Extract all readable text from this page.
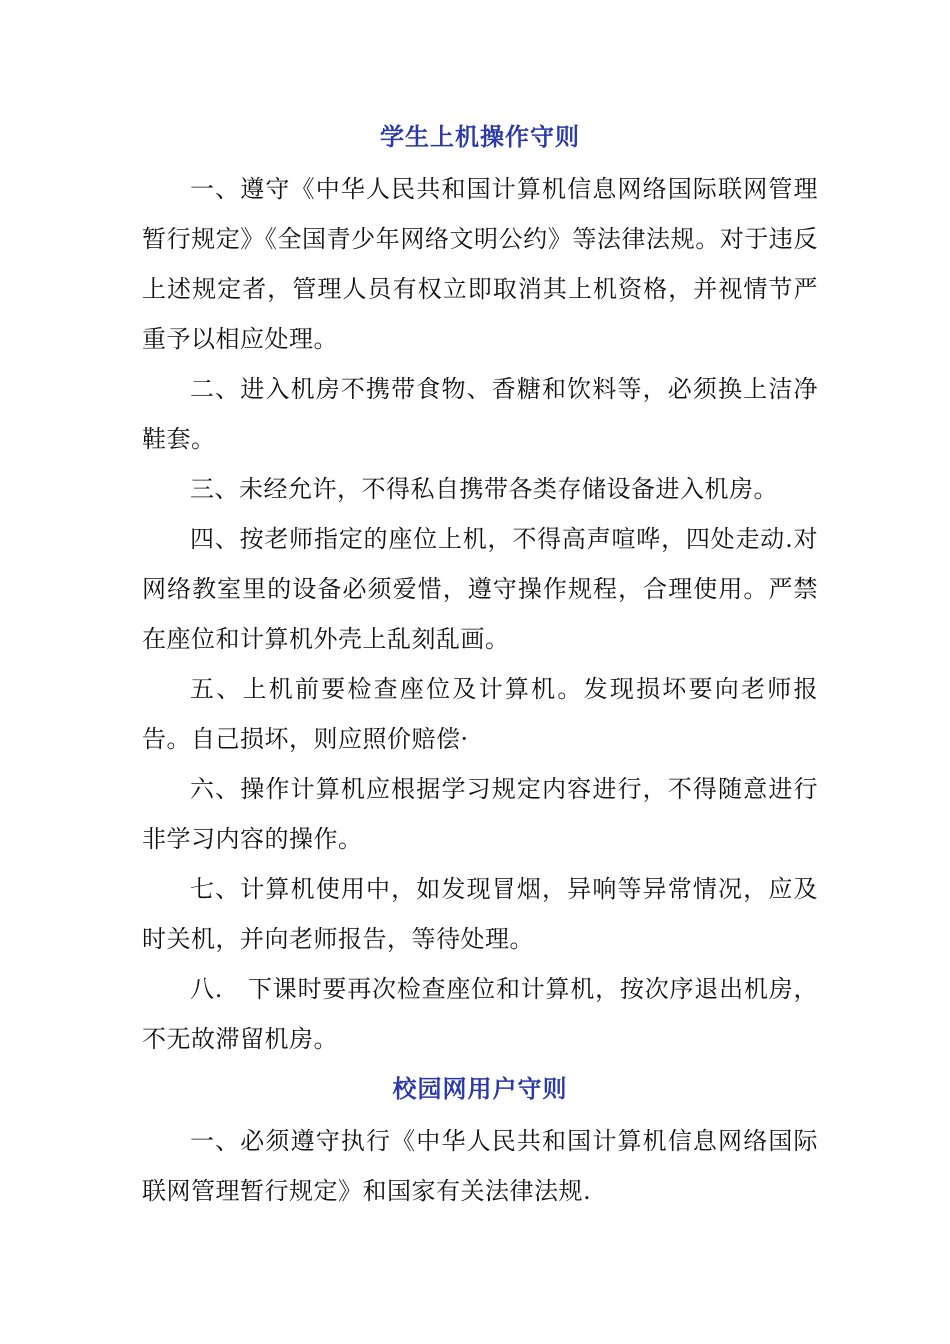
学生上机操作守则

一、遵守《中华人民共和国计算机信息网络国际联网管理暂行规定》《全国青少年网络文明公约》等法律法规。对于违反上述规定者，管理人员有权立即取消其上机资格，并视情节严重予以相应处理。

二、进入机房不携带食物、香糖和饮料等，必须换上洁净鞋套。

三、未经允许，不得私自携带各类存储设备进入机房。

四、按老师指定的座位上机，不得高声喧哗，四处走动.对网络教室里的设备必须爱惜，遵守操作规程，合理使用。严禁在座位和计算机外壳上乱刻乱画。

五、上机前要检查座位及计算机。发现损坏要向老师报告。自己损坏，则应照价赔偿·

六、操作计算机应根据学习规定内容进行，不得随意进行非学习内容的操作。

七、计算机使用中，如发现冒烟，异响等异常情况，应及时关机，并向老师报告，等待处理。

八.　下课时要再次检查座位和计算机，按次序退出机房，不无故滞留机房。

校园网用户守则

一、必须遵守执行《中华人民共和国计算机信息网络国际联网管理暂行规定》和国家有关法律法规.
